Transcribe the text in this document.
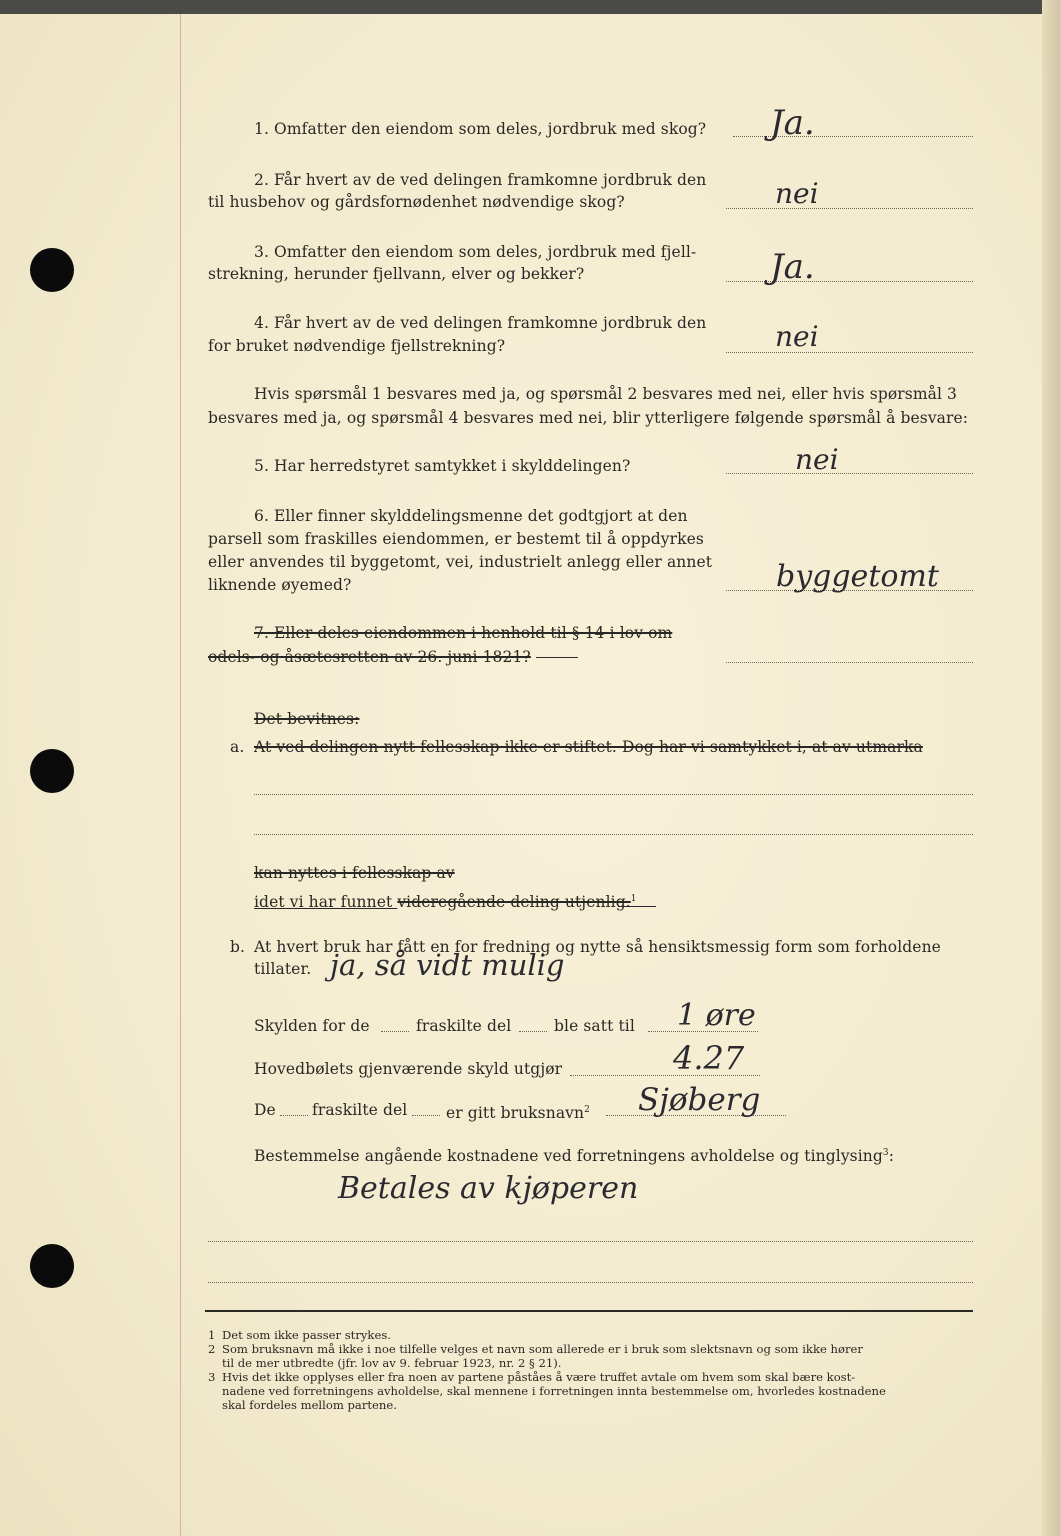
1. Omfatter den eiendom som deles, jordbruk med skog? Ja.
2. Får hvert av de ved delingen framkomne jordbruk den
til husbehov og gårdsfornødenhet nødvendige skog?	nei
3. Omfatter den eiendom som deles, jordbruk med fjell-
strekning, herunder fjellvann, elver og bekker?	Ja.
4. Får hvert av de ved delingen framkomne jordbruk den
for bruket nødvendige fjellstrekning?	nei
Hvis spørsmål 1 besvares med ja, og spørsmål 2 besvares med nei, eller hvis spørsmål 3
besvares med ja, og spørsmål 4 besvares med nei, blir ytterligere følgende spørsmål å besvare:
5. Har herredstyret samtykket i skylddelingen?	nei
6. Eller finner skylddelingsmenne det godtgjort at den
parsell som fraskilles eiendommen, er bestemt til å oppdyrkes
eller anvendes til byggetomt, vei, industrielt anlegg eller annet
liknende øyemed?	byggetomt
7. Eller deles eiendommen i henhold til § 14 i lov om
odels- og åsætesretten av 26. juni 1821?
Det bevitnes:
a. At ved delingen nytt fellesskap ikke er stiftet. Dog har vi samtykket i, at av utmarka
kan nyttes i fellesskap av
idet vi har funnet videregående deling utjenlig.$^1$
b. At hvert bruk har fått en for fredning og nytte så hensiktsmessig form som forholdene
tillater. ja, så vidt mulig
Skylden for de	fraskilte del	ble satt til 1 øre
Hovedbølets gjenværende skyld utgjør	4.27
De fraskilte del er gitt bruksnavn$^2$ Sjøberg
Bestemmelse angående kostnadene ved forretningens avholdelse og tinglysing$^3$:
Betales av kjøperen
1 Det som ikke passer strykes.
2 Som bruksnavn må ikke i noe tilfelle velges et navn som allerede er i bruk som slektsnavn og som ikke hører
til de mer utbredte (jfr. lov av 9. februar 1923, nr. 2 § 21).
3 Hvis det ikke opplyses eller fra noen av partene påståes å være truffet avtale om hvem som skal bære kost-
nadene ved forretningens avholdelse, skal mennene i forretningen inntа bestemmelse om, hvorledes kostnadene
skal fordeles mellom partene.
